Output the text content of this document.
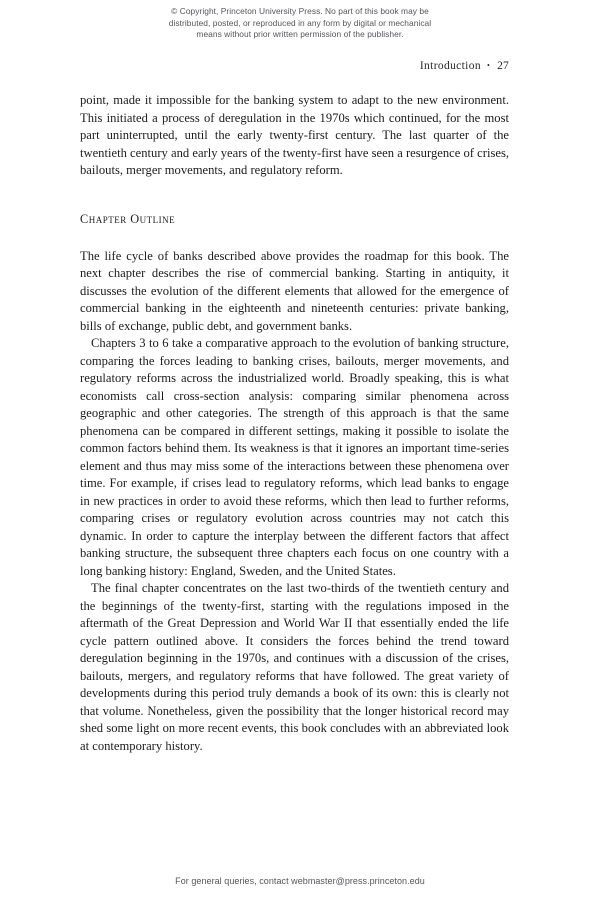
© Copyright, Princeton University Press. No part of this book may be
distributed, posted, or reproduced in any form by digital or mechanical
means without prior written permission of the publisher.
Introduction • 27

point, made it impossible for the banking system to adapt to the new environment. This initiated a process of deregulation in the 1970s which continued, for the most part uninterrupted, until the early twenty-first century. The last quarter of the twentieth century and early years of the twenty-first have seen a resurgence of crises, bailouts, merger movements, and regulatory reform.

Chapter Outline

The life cycle of banks described above provides the roadmap for this book. The next chapter describes the rise of commercial banking. Starting in antiquity, it discusses the evolution of the different elements that allowed for the emergence of commercial banking in the eighteenth and nineteenth centuries: private banking, bills of exchange, public debt, and government banks.

Chapters 3 to 6 take a comparative approach to the evolution of banking structure, comparing the forces leading to banking crises, bailouts, merger movements, and regulatory reforms across the industrialized world. Broadly speaking, this is what economists call cross-section analysis: comparing similar phenomena across geographic and other categories. The strength of this approach is that the same phenomena can be compared in different settings, making it possible to isolate the common factors behind them. Its weakness is that it ignores an important time-series element and thus may miss some of the interactions between these phenomena over time. For example, if crises lead to regulatory reforms, which lead banks to engage in new practices in order to avoid these reforms, which then lead to further reforms, comparing crises or regulatory evolution across countries may not catch this dynamic. In order to capture the interplay between the different factors that affect banking structure, the subsequent three chapters each focus on one country with a long banking history: England, Sweden, and the United States.

The final chapter concentrates on the last two-thirds of the twentieth century and the beginnings of the twenty-first, starting with the regulations imposed in the aftermath of the Great Depression and World War II that essentially ended the life cycle pattern outlined above. It considers the forces behind the trend toward deregulation beginning in the 1970s, and continues with a discussion of the crises, bailouts, mergers, and regulatory reforms that have followed. The great variety of developments during this period truly demands a book of its own: this is clearly not that volume. Nonetheless, given the possibility that the longer historical record may shed some light on more recent events, this book concludes with an abbreviated look at contemporary history.

For general queries, contact webmaster@press.princeton.edu
